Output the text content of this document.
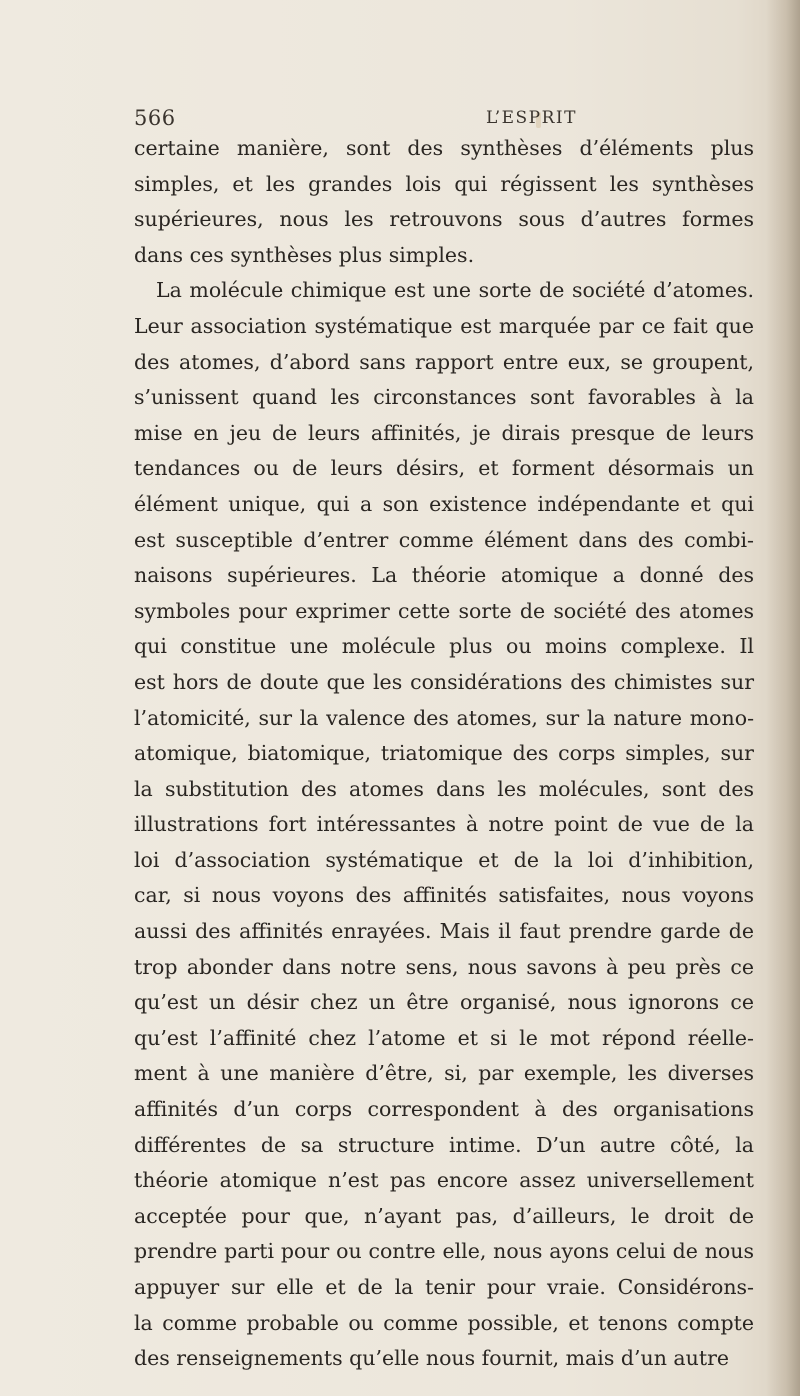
566	L’ESPRIT
certaine manière, sont des synthèses d’éléments plus
simples, et les grandes lois qui régissent les synthèses
supérieures, nous les retrouvons sous d’autres formes
dans ces synthèses plus simples.
La molécule chimique est une sorte de société d’atomes.
Leur association systématique est marquée par ce fait que
des atomes, d’abord sans rapport entre eux, se groupent,
s’unissent quand les circonstances sont favorables à la
mise en jeu de leurs affinités, je dirais presque de leurs
tendances ou de leurs désirs, et forment désormais un
élément unique, qui a son existence indépendante et qui
est susceptible d’entrer comme élément dans des combi-
naisons supérieures. La théorie atomique a donné des
symboles pour exprimer cette sorte de société des atomes
qui constitue une molécule plus ou moins complexe. Il
est hors de doute que les considérations des chimistes sur
l’atomicité, sur la valence des atomes, sur la nature mono-
atomique, biatomique, triatomique des corps simples, sur
la substitution des atomes dans les molécules, sont des
illustrations fort intéressantes à notre point de vue de la
loi d’association systématique et de la loi d’inhibition,
car, si nous voyons des affinités satisfaites, nous voyons
aussi des affinités enrayées. Mais il faut prendre garde de
trop abonder dans notre sens, nous savons à peu près ce
qu’est un désir chez un être organisé, nous ignorons ce
qu’est l’affinité chez l’atome et si le mot répond réelle-
ment à une manière d’être, si, par exemple, les diverses
affinités d’un corps correspondent à des organisations
différentes de sa structure intime. D’un autre côté, la
théorie atomique n’est pas encore assez universellement
acceptée pour que, n’ayant pas, d’ailleurs, le droit de
prendre parti pour ou contre elle, nous ayons celui de nous
appuyer sur elle et de la tenir pour vraie. Considérons-
la comme probable ou comme possible, et tenons compte
des renseignements qu’elle nous fournit, mais d’un autre
